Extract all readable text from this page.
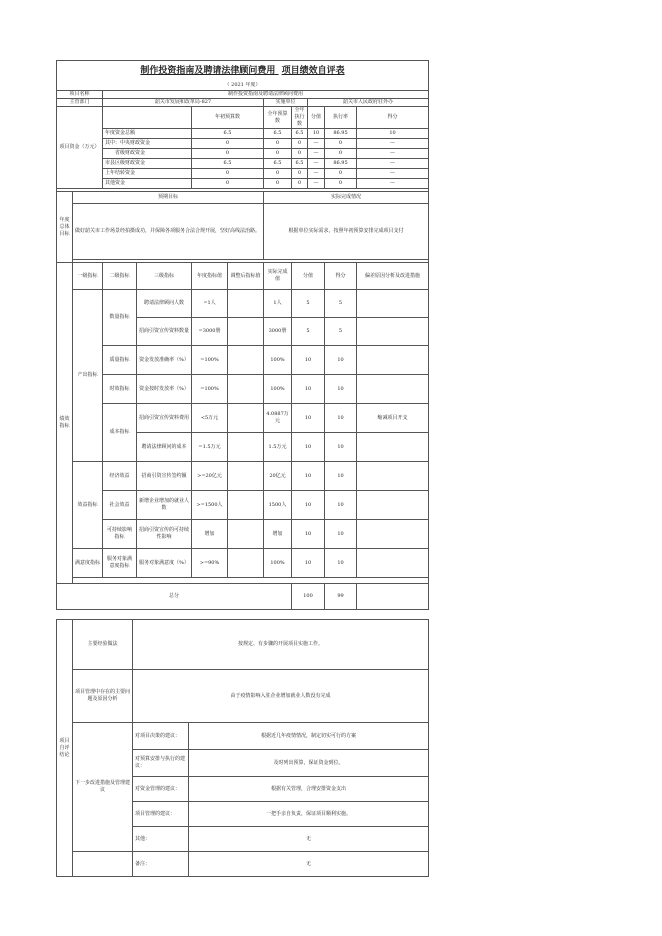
制作投资指南及聘请法律顾问费用 项目绩效自评表										
（ 2021 年度）										
项目名称		制作投资指南及聘请法律顾问费用								
主管部门		韶关市发展和改革局-827				实施单位		韶关市人民政府驻外办		
项目资金（万元）				年初预算数		全年预算数	全年执行数	分值	执行率	得分
		年度资金总额		6.5		6.5	6.5	10	86.95	10
		其中：中央财政资金		0		0	0	—	0	—
		省级财政资金		0		0	0	—	0	—
		市县区级财政资金		6.5		6.5	6.5	—	86.95	—
		上年结转资金		0		0	0	—	0	—
		其他资金		0		0	0	—	0	—

年度总体目标	预期目标					实际完成情况				
	做好韶关市工作场景经拍摄成功，并保障各项服务合法合规开展，坚好高线法治路。					根据单位实际需求，按照年初预算安排完成项目支付				

绩效指标	一级指标	二级指标	三级指标	年度指标值	调整后指标值	实际完成值	分值		得分	偏差原因分析及改进措施
	产出指标	数量指标	聘请法律顾问人数	=1人		1人	5		5	
			招商引资宣传资料数量	=3000册		3000册	5		5	
		质量指标	资金发放准确率（%）	=100%		100%	10		10	
		时效指标	资金按时发放率（%）	=100%		100%	10		10	
		成本指标	招商引资宣传资料费用	<5万元		4.0887万元	10		10	缩减项目开支
			聘请法律顾问的成本	=1.5万元		1.5万元	10		10	
	效益指标	经济效益	招商引资宣传签约额	>=20亿元		20亿元	10		10	
		社会效益	新增企业增加的就业人数	>=1500人		1500人	10		10	
		可持续影响指标	招商引资宣传的可持续性影响	增加		增加	10		10	
	满意度指标	服务对象满意度指标	服务对象满意度（%）	>=90%		100%	10		10	

总分							100		99	
项目自评结论	主要经验做法	按规定、有步骤的开展项目实施工作。	
	项目管理中存在的主要问题及原因分析	由于疫情影响入驻企业增加就业人数没有完成	
	下一步改进措施及管理建议	对项目决策的建议：	根据近几年疫情情况，制定切实可行的方案
		对预算安排与执行的建议：	及时列出预算，保证资金到位。
		对资金管理的建议：	根据有关管理，合理安排资金支出
		项目管理的建议：	一把手亲自负责，保证项目顺利实施。
		其他：	无
		备注：	无
